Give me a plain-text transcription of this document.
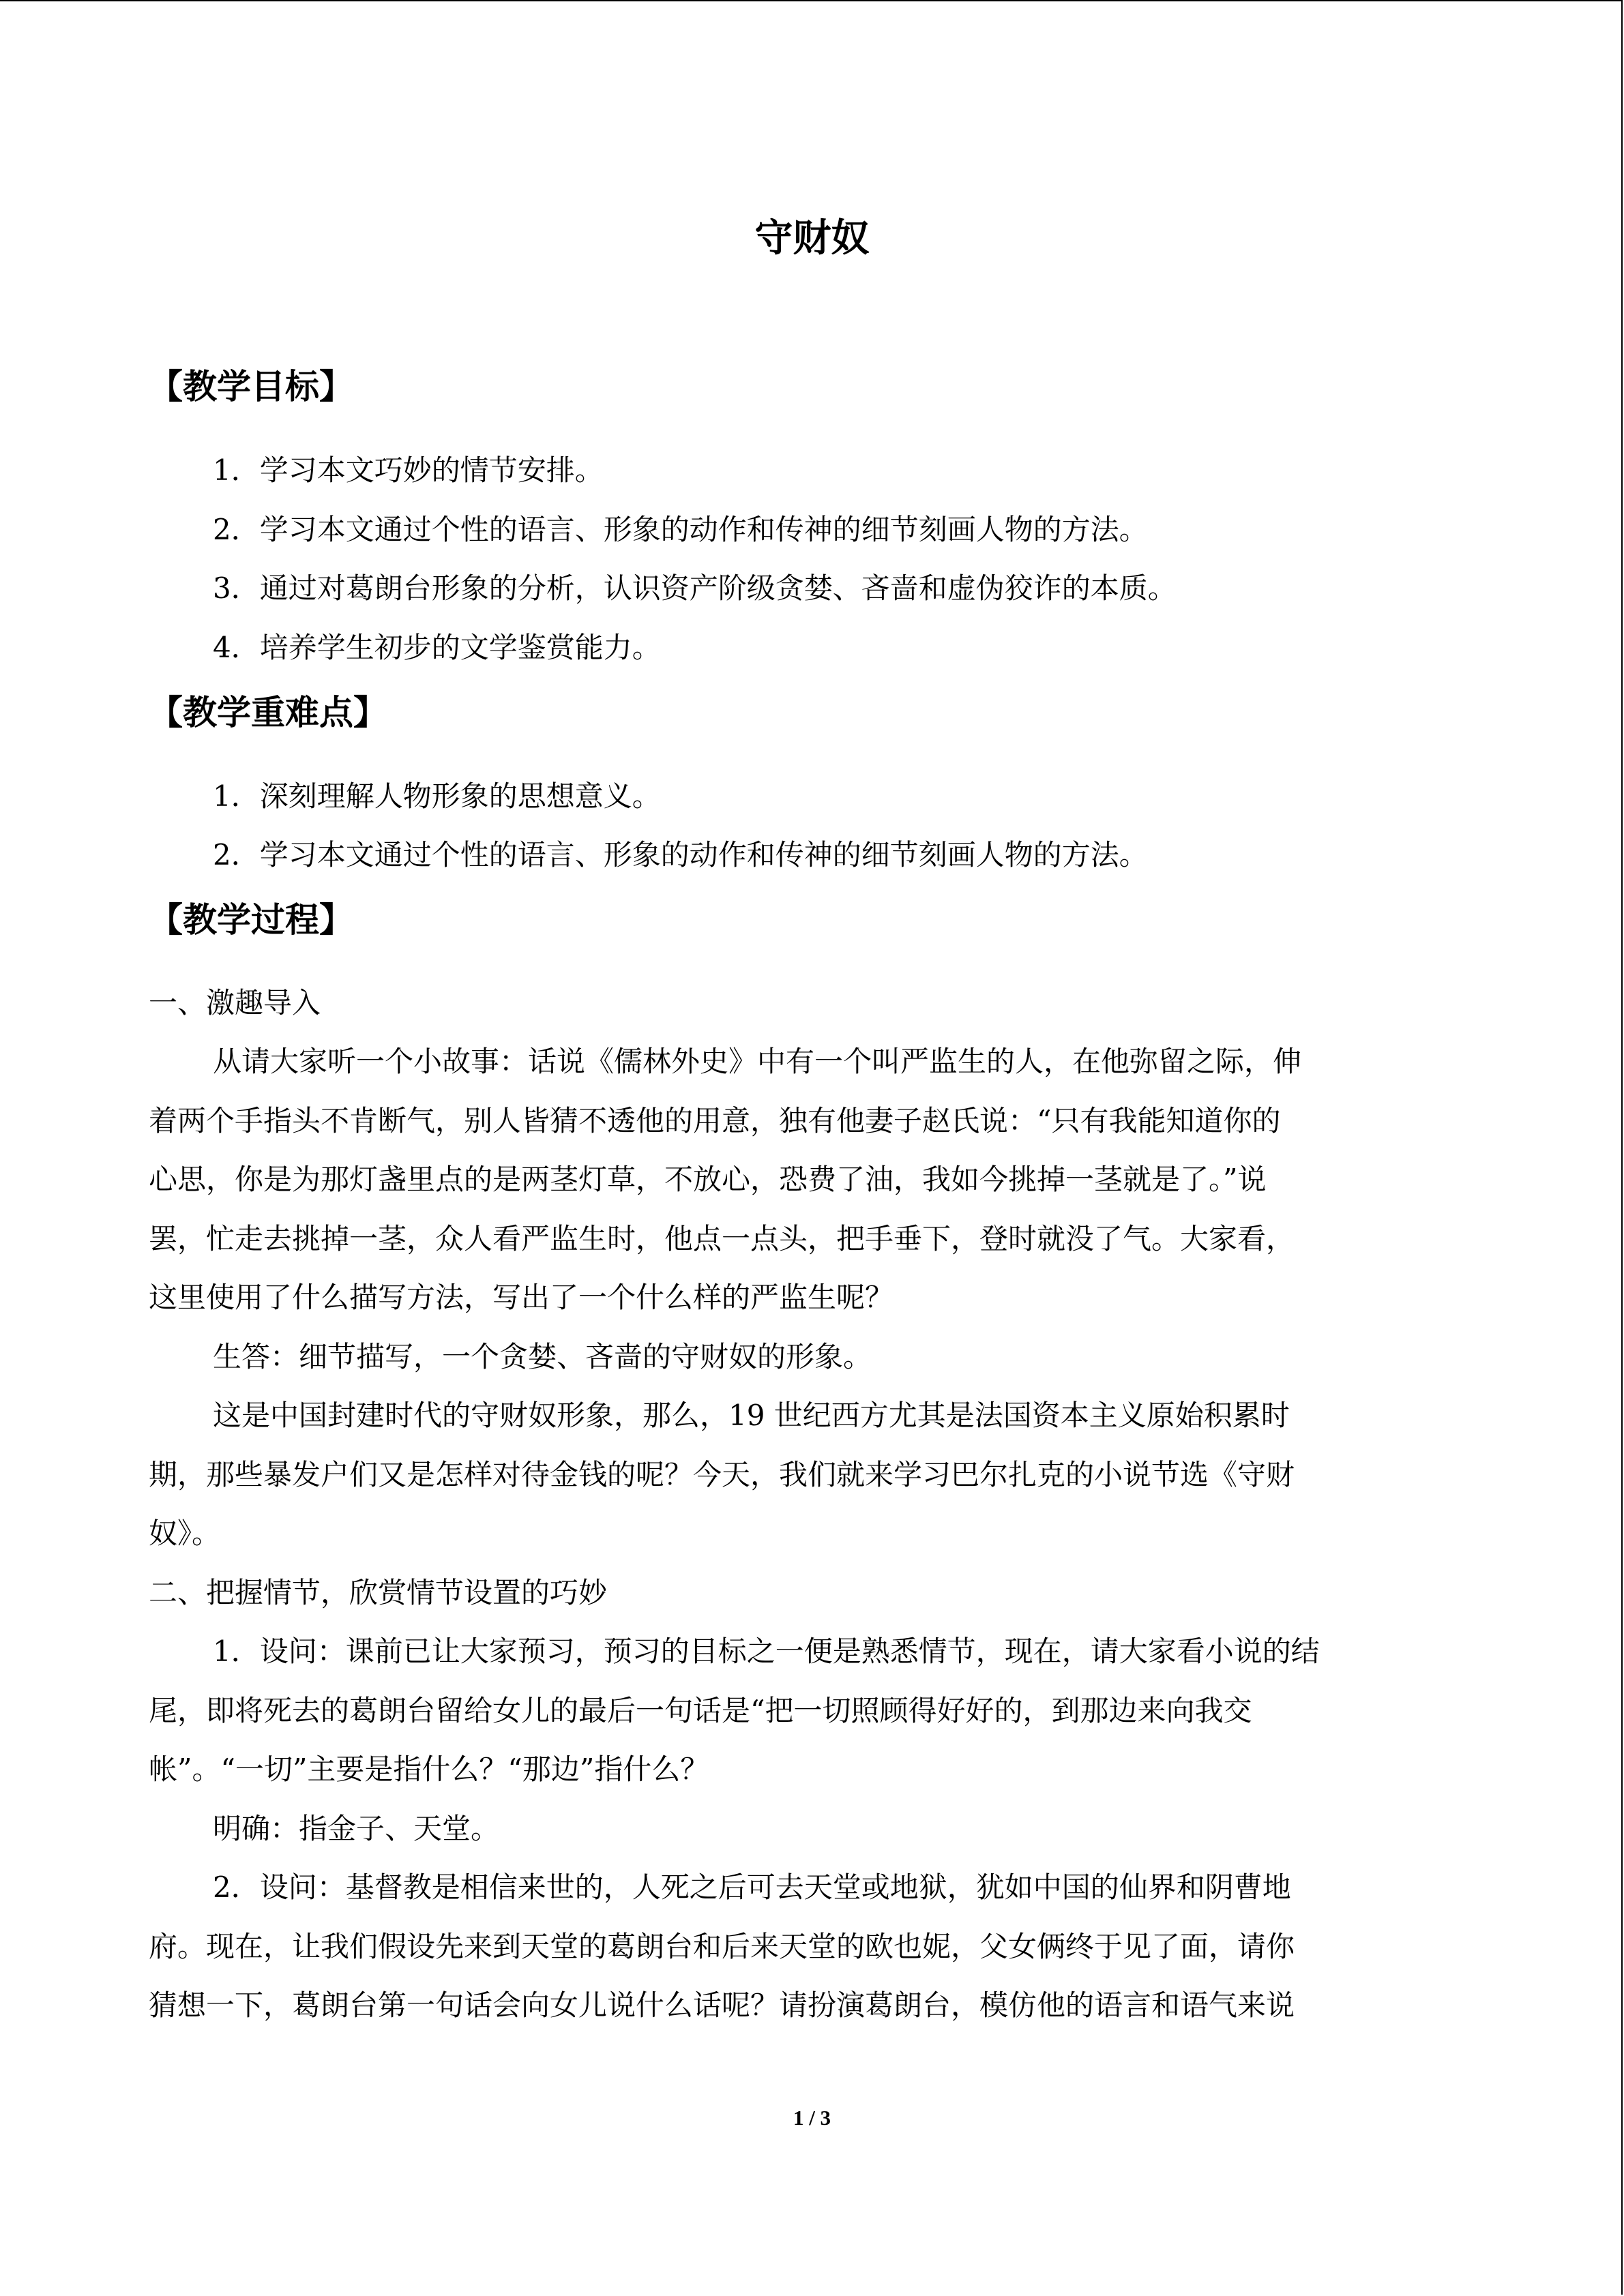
守财奴
【教学目标】
1．学习本文巧妙的情节安排。
2．学习本文通过个性的语言、形象的动作和传神的细节刻画人物的方法。
3．通过对葛朗台形象的分析，认识资产阶级贪婪、吝啬和虚伪狡诈的本质。
4．培养学生初步的文学鉴赏能力。
【教学重难点】
1．深刻理解人物形象的思想意义。
2．学习本文通过个性的语言、形象的动作和传神的细节刻画人物的方法。
【教学过程】
一、激趣导入
从请大家听一个小故事：话说《儒林外史》中有一个叫严监生的人，在他弥留之际，伸
着两个手指头不肯断气，别人皆猜不透他的用意，独有他妻子赵氏说：“只有我能知道你的
心思，你是为那灯盏里点的是两茎灯草，不放心，恐费了油，我如今挑掉一茎就是了。”说
罢，忙走去挑掉一茎，众人看严监生时，他点一点头，把手垂下，登时就没了气。大家看，
这里使用了什么描写方法，写出了一个什么样的严监生呢？
生答：细节描写，一个贪婪、吝啬的守财奴的形象。
这是中国封建时代的守财奴形象，那么，19 世纪西方尤其是法国资本主义原始积累时
期，那些暴发户们又是怎样对待金钱的呢？今天，我们就来学习巴尔扎克的小说节选《守财
奴》。
二、把握情节，欣赏情节设置的巧妙
1．设问：课前已让大家预习，预习的目标之一便是熟悉情节，现在，请大家看小说的结
尾，即将死去的葛朗台留给女儿的最后一句话是“把一切照顾得好好的，到那边来向我交
帐”。“一切”主要是指什么？“那边”指什么？
明确：指金子、天堂。
2．设问：基督教是相信来世的，人死之后可去天堂或地狱，犹如中国的仙界和阴曹地
府。现在，让我们假设先来到天堂的葛朗台和后来天堂的欧也妮，父女俩终于见了面，请你
猜想一下，葛朗台第一句话会向女儿说什么话呢？请扮演葛朗台，模仿他的语言和语气来说
1 / 3
